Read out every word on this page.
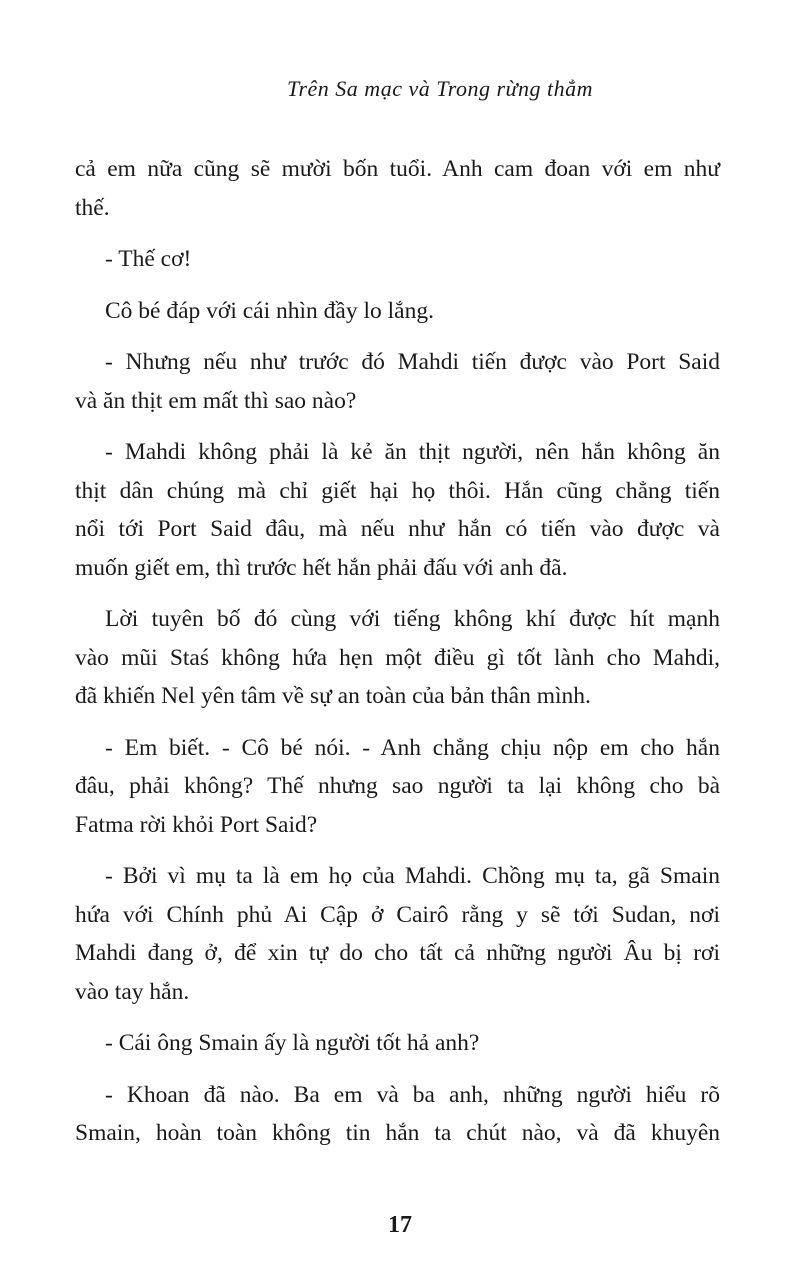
Trên Sa mạc và Trong rừng thẳm
cả em nữa cũng sẽ mười bốn tuổi. Anh cam đoan với em như
thế.
- Thế cơ!
Cô bé đáp với cái nhìn đầy lo lắng.
- Nhưng nếu như trước đó Mahdi tiến được vào Port Said
và ăn thịt em mất thì sao nào?
- Mahdi không phải là kẻ ăn thịt người, nên hắn không ăn
thịt dân chúng mà chỉ giết hại họ thôi. Hắn cũng chẳng tiến
nổi tới Port Said đâu, mà nếu như hắn có tiến vào được và
muốn giết em, thì trước hết hắn phải đấu với anh đã.
Lời tuyên bố đó cùng với tiếng không khí được hít mạnh
vào mũi Staś không hứa hẹn một điều gì tốt lành cho Mahdi,
đã khiến Nel yên tâm về sự an toàn của bản thân mình.
- Em biết. - Cô bé nói. - Anh chẳng chịu nộp em cho hắn
đâu, phải không? Thế nhưng sao người ta lại không cho bà
Fatma rời khỏi Port Said?
- Bởi vì mụ ta là em họ của Mahdi. Chồng mụ ta, gã Smain
hứa với Chính phủ Ai Cập ở Cairô rằng y sẽ tới Sudan, nơi
Mahdi đang ở, để xin tự do cho tất cả những người Âu bị rơi
vào tay hắn.
- Cái ông Smain ấy là người tốt hả anh?
- Khoan đã nào. Ba em và ba anh, những người hiểu rõ
Smain, hoàn toàn không tin hắn ta chút nào, và đã khuyên
17
